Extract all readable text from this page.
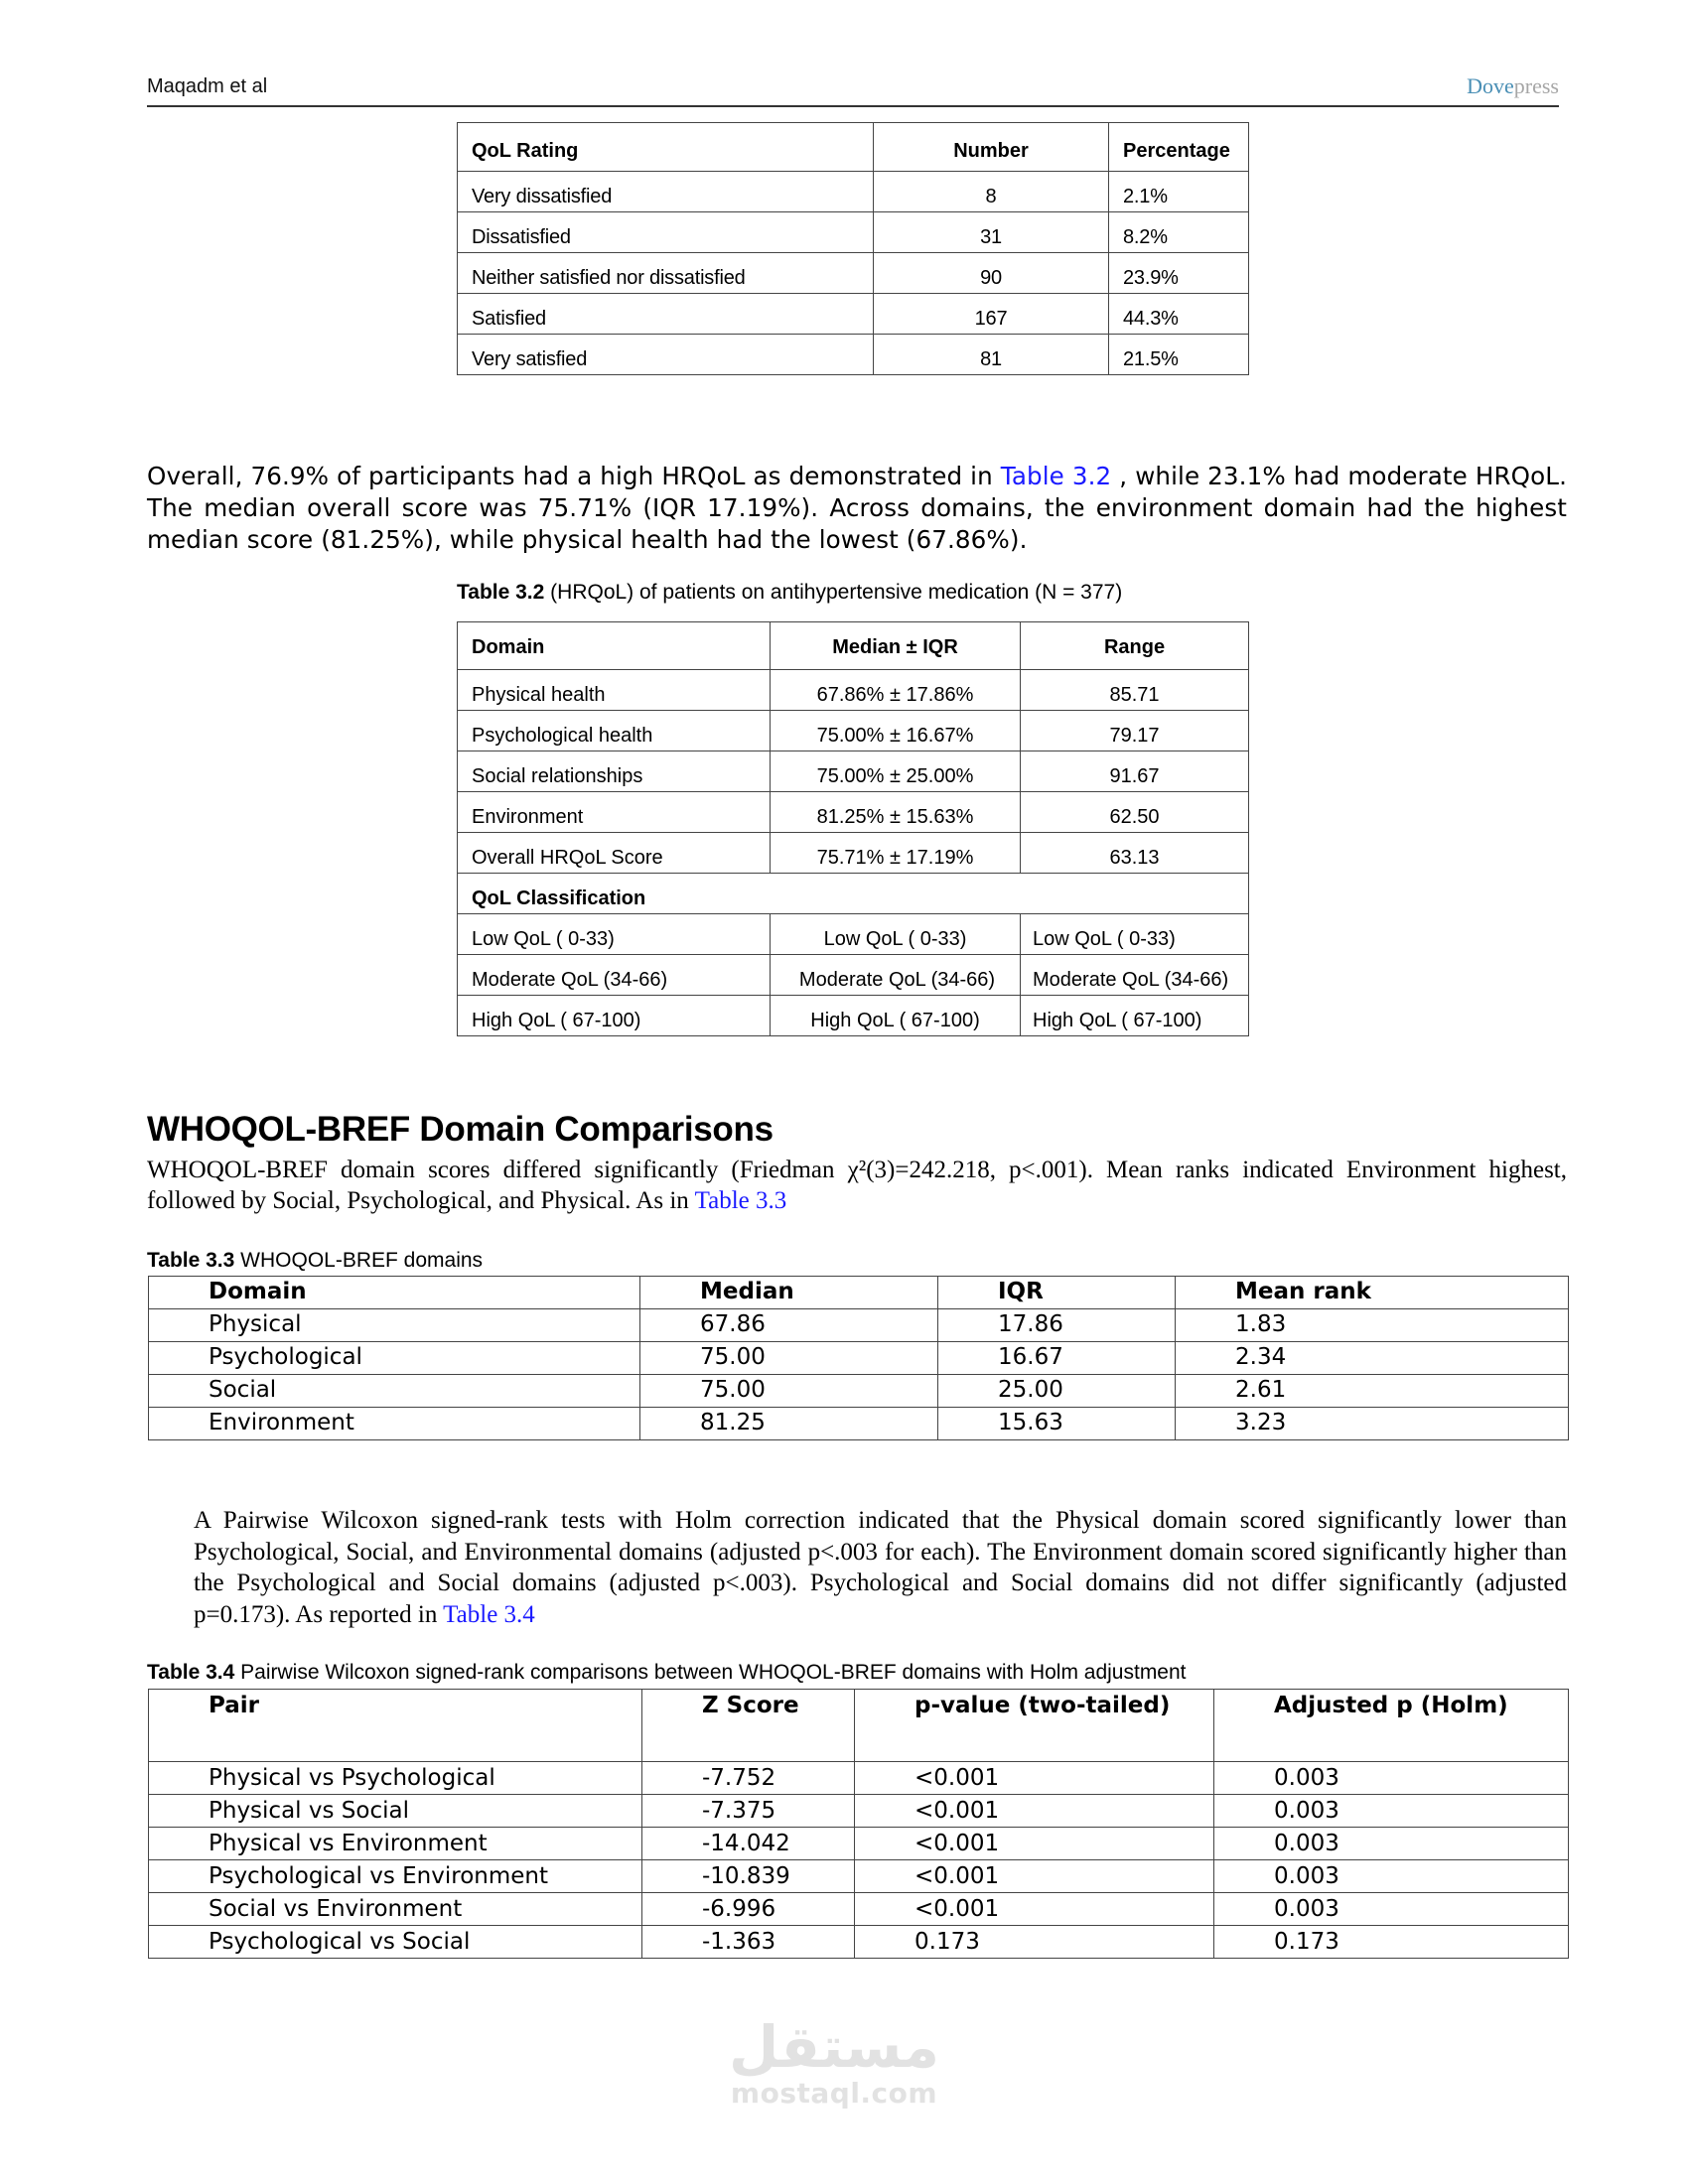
Maqadm et al	Dovepress
QoL Rating	Number	Percentage
Very dissatisfied	8	2.1%
Dissatisfied	31	8.2%
Neither satisfied nor dissatisfied	90	23.9%
Satisfied	167	44.3%
Very satisfied	81	21.5%

Overall, 76.9% of participants had a high HRQoL as demonstrated in Table 3.2 , while 23.1% had moderate HRQoL. The median overall score was 75.71% (IQR 17.19%). Across domains, the environment domain had the highest median score (81.25%), while physical health had the lowest (67.86%).

Table 3.2 (HRQoL) of patients on antihypertensive medication (N = 377)
Domain	Median ± IQR	Range
Physical health	67.86% ± 17.86%	85.71
Psychological health	75.00% ± 16.67%	79.17
Social relationships	75.00% ± 25.00%	91.67
Environment	81.25% ± 15.63%	62.50
Overall HRQoL Score	75.71% ± 17.19%	63.13
QoL Classification		
Low QoL ( 0-33)	Low QoL ( 0-33)	Low QoL ( 0-33)
Moderate QoL (34-66)	Moderate QoL (34-66)	Moderate QoL (34-66)
High QoL ( 67-100)	High QoL ( 67-100)	High QoL ( 67-100)
WHOQOL-BREF Domain Comparisons

WHOQOL-BREF domain scores differed significantly (Friedman χ²(3)=242.218, p<.001). Mean ranks indicated Environment highest, followed by Social, Psychological, and Physical. As in Table 3.3

Table 3.3 WHOQOL-BREF domains
Domain	Median	IQR	Mean rank
Physical	67.86	17.86	1.83
Psychological	75.00	16.67	2.34
Social	75.00	25.00	2.61
Environment	81.25	15.63	3.23

A Pairwise Wilcoxon signed-rank tests with Holm correction indicated that the Physical domain scored significantly lower than Psychological, Social, and Environmental domains (adjusted p<.003 for each). The Environment domain scored significantly higher than the Psychological and Social domains (adjusted p<.003). Psychological and Social domains did not differ significantly (adjusted p=0.173). As reported in Table 3.4

Table 3.4 Pairwise Wilcoxon signed-rank comparisons between WHOQOL-BREF domains with Holm adjustment
Pair	Z Score	p-value (two-tailed)	Adjusted p (Holm)
Physical vs Psychological	-7.752	<0.001	0.003
Physical vs Social	-7.375	<0.001	0.003
Physical vs Environment	-14.042	<0.001	0.003
Psychological vs Environment	-10.839	<0.001	0.003
Social vs Environment	-6.996	<0.001	0.003
Psychological vs Social	-1.363	0.173	0.173
مستقل
mostaql.com
